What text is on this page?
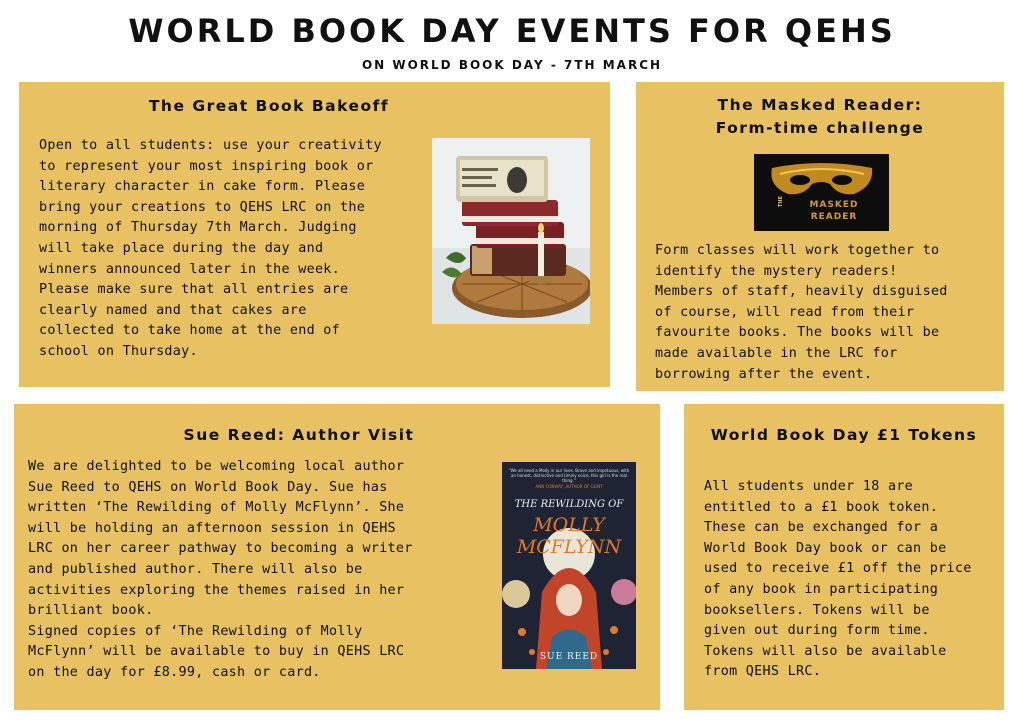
WORLD BOOK DAY EVENTS FOR QEHS
ON WORLD BOOK DAY - 7TH MARCH
The Great Book Bakeoff
Open to all students: use your creativity
to represent your most inspiring book or
literary character in cake form. Please
bring your creations to QEHS LRC on the
morning of Thursday 7th March. Judging
will take place during the day and
winners announced later in the week.
Please make sure that all entries are
clearly named and that cakes are
collected to take home at the end of
school on Thursday.
The Masked Reader:
Form-time challenge
THE	MASKED
READER
Form classes will work together to
identify the mystery readers!
Members of staff, heavily disguised
of course, will read from their
favourite books. The books will be
made available in the LRC for
borrowing after the event.
Sue Reed: Author Visit
We are delighted to be welcoming local author
Sue Reed to QEHS on World Book Day. Sue has
written ‘The Rewilding of Molly McFlynn’. She
will be holding an afternoon session in QEHS
LRC on her career pathway to becoming a writer
and published author. There will also be
activities exploring the themes raised in her
brilliant book.
Signed copies of ‘The Rewilding of Molly
McFlynn’ will be available to buy in QEHS LRC
on the day for £8.99, cash or card.
"We all need a Molly in our lives. Brave and impetuous, with an honest, distinctive and timely voice, this girl is the real thing."
ANN CONWAY, AUTHOR OF GLINT
THE REWILDING OF
MOLLY
MCFLYNN
SUE REED
World Book Day £1 Tokens
All students under 18 are
entitled to a £1 book token.
These can be exchanged for a
World Book Day book or can be
used to receive £1 off the price
of any book in participating
booksellers. Tokens will be
given out during form time.
Tokens will also be available
from QEHS LRC.
